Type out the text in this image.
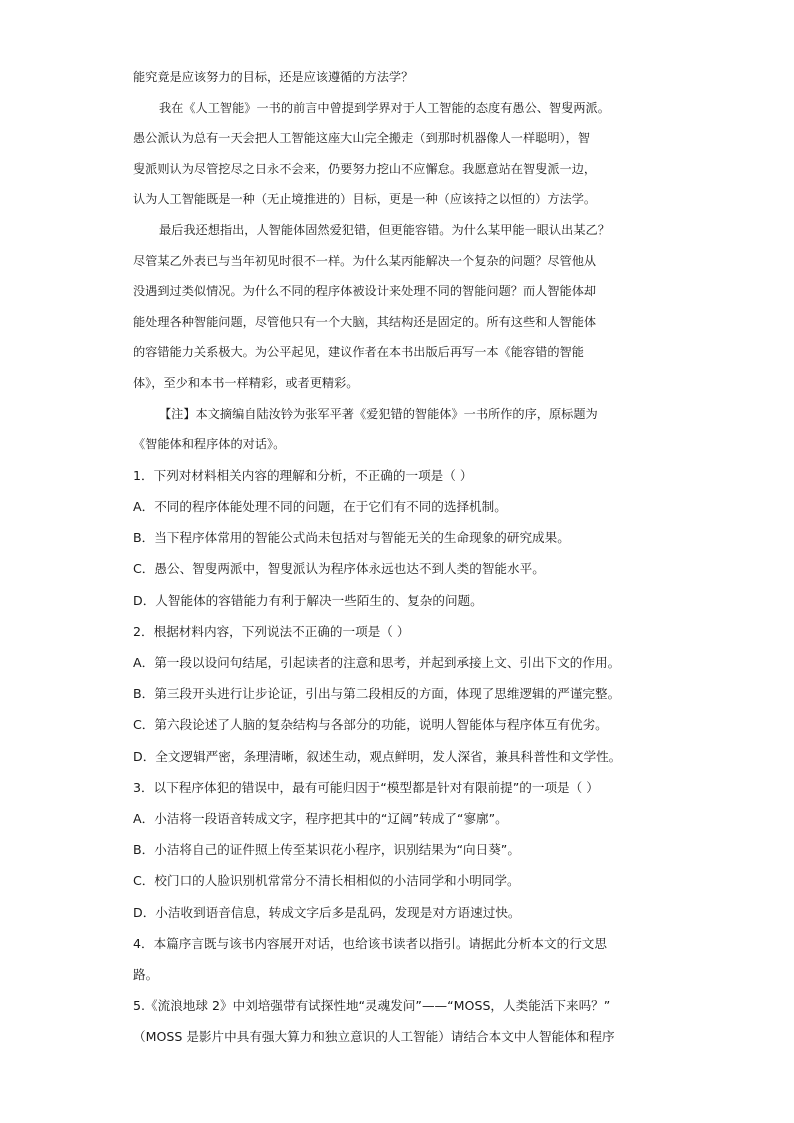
能究竟是应该努力的目标，还是应该遵循的方法学？

我在《人工智能》一书的前言中曾提到学界对于人工智能的态度有愚公、智叟两派。

愚公派认为总有一天会把人工智能这座大山完全搬走（到那时机器像人一样聪明），智

叟派则认为尽管挖尽之日永不会来，仍要努力挖山不应懈怠。我愿意站在智叟派一边，

认为人工智能既是一种（无止境推进的）目标，更是一种（应该持之以恒的）方法学。

最后我还想指出，人智能体固然爱犯错，但更能容错。为什么某甲能一眼认出某乙？

尽管某乙外表已与当年初见时很不一样。为什么某丙能解决一个复杂的问题？尽管他从

没遇到过类似情况。为什么不同的程序体被设计来处理不同的智能问题？而人智能体却

能处理各种智能问题，尽管他只有一个大脑，其结构还是固定的。所有这些和人智能体

的容错能力关系极大。为公平起见，建议作者在本书出版后再写一本《能容错的智能

体》，至少和本书一样精彩，或者更精彩。

【注】本文摘编自陆汝钤为张军平著《爱犯错的智能体》一书所作的序，原标题为

《智能体和程序体的对话》。

1．下列对材料相关内容的理解和分析，不正确的一项是（ ）

A．不同的程序体能处理不同的问题，在于它们有不同的选择机制。

B．当下程序体常用的智能公式尚未包括对与智能无关的生命现象的研究成果。

C．愚公、智叟两派中，智叟派认为程序体永远也达不到人类的智能水平。

D．人智能体的容错能力有利于解决一些陌生的、复杂的问题。

2．根据材料内容，下列说法不正确的一项是（ ）

A．第一段以设问句结尾，引起读者的注意和思考，并起到承接上文、引出下文的作用。

B．第三段开头进行让步论证，引出与第二段相反的方面，体现了思维逻辑的严谨完整。

C．第六段论述了人脑的复杂结构与各部分的功能，说明人智能体与程序体互有优劣。

D．全文逻辑严密，条理清晰，叙述生动，观点鲜明，发人深省，兼具科普性和文学性。

3．以下程序体犯的错误中，最有可能归因于“模型都是针对有限前提”的一项是（ ）

A．小洁将一段语音转成文字，程序把其中的“辽阔”转成了“寥廓”。

B．小洁将自己的证件照上传至某识花小程序，识别结果为“向日葵”。

C．校门口的人脸识别机常常分不清长相相似的小洁同学和小明同学。

D．小洁收到语音信息，转成文字后多是乱码，发现是对方语速过快。

4．本篇序言既与该书内容展开对话，也给该书读者以指引。请据此分析本文的行文思

路。

5.《流浪地球 2》中刘培强带有试探性地“灵魂发问”——“MOSS，人类能活下来吗？”

（MOSS 是影片中具有强大算力和独立意识的人工智能）请结合本文中人智能体和程序
